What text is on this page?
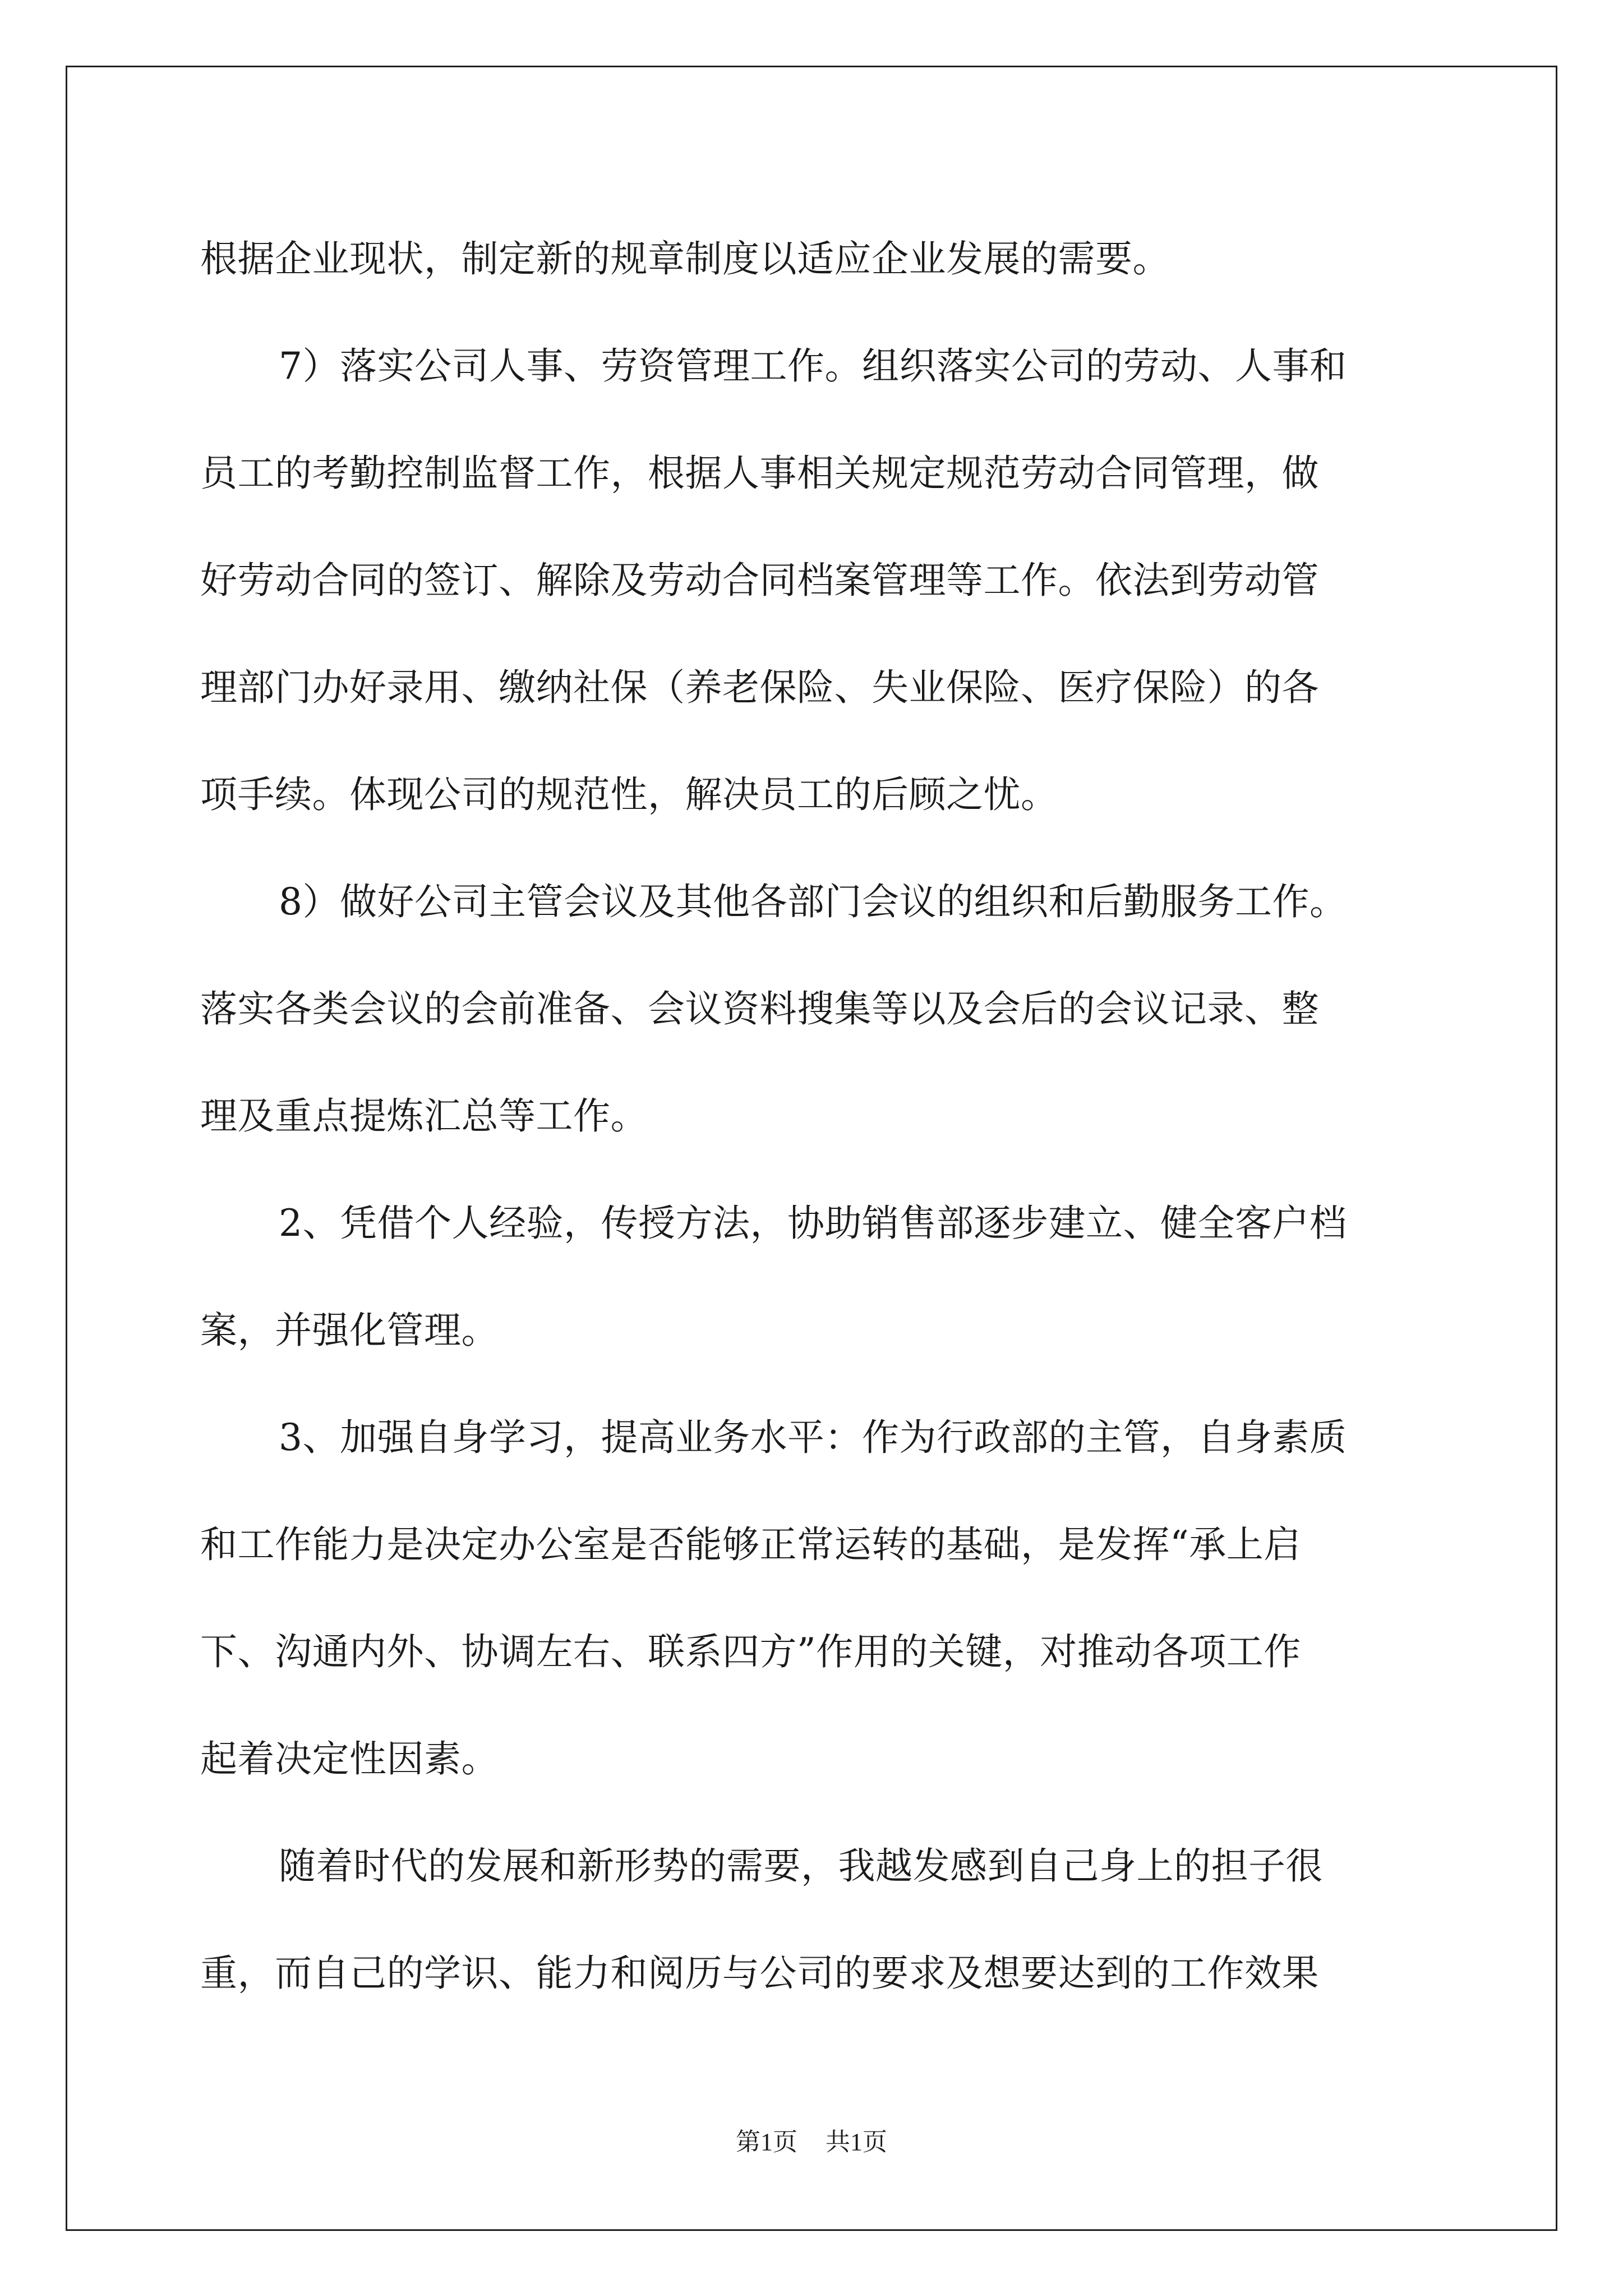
根据企业现状，制定新的规章制度以适应企业发展的需要。
7）落实公司人事、劳资管理工作。组织落实公司的劳动、人事和
员工的考勤控制监督工作，根据人事相关规定规范劳动合同管理，做
好劳动合同的签订、解除及劳动合同档案管理等工作。依法到劳动管
理部门办好录用、缴纳社保（养老保险、失业保险、医疗保险）的各
项手续。体现公司的规范性，解决员工的后顾之忧。
8）做好公司主管会议及其他各部门会议的组织和后勤服务工作。
落实各类会议的会前准备、会议资料搜集等以及会后的会议记录、整
理及重点提炼汇总等工作。
2、凭借个人经验，传授方法，协助销售部逐步建立、健全客户档
案，并强化管理。
3、加强自身学习，提高业务水平：作为行政部的主管，自身素质
和工作能力是决定办公室是否能够正常运转的基础，是发挥“承上启
下、沟通内外、协调左右、联系四方”作用的关键，对推动各项工作
起着决定性因素。
随着时代的发展和新形势的需要，我越发感到自己身上的担子很
重，而自己的学识、能力和阅历与公司的要求及想要达到的工作效果
第1页 共1页
